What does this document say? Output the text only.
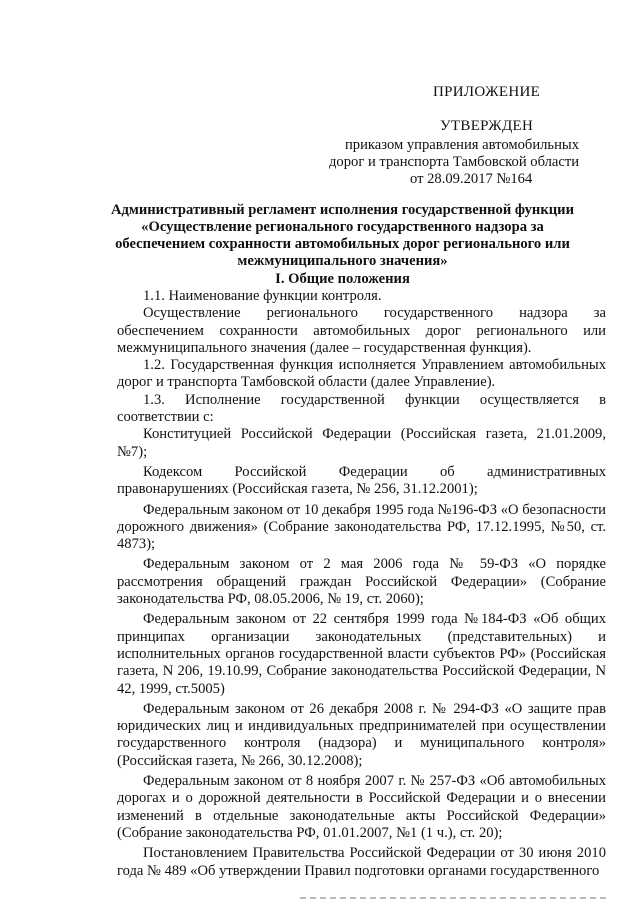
ПРИЛОЖЕНИЕ
УТВЕРЖДЕН
приказом управления автомобильных
дорог и транспорта Тамбовской области
от 28.09.2017 №164
Административный регламент исполнения государственной функции «Осуществление регионального государственного надзора за обеспечением сохранности автомобильных дорог регионального или межмуниципального значения»
I. Общие положения

1.1. Наименование функции контроля.

Осуществление регионального государственного надзора за обеспечением сохранности автомобильных дорог регионального или межмуниципального значения (далее – государственная функция).

1.2. Государственная функция исполняется Управлением автомобильных дорог и транспорта Тамбовской области (далее Управление).

1.3. Исполнение государственной функции осуществляется в соответствии с:

Конституцией Российской Федерации (Российская газета, 21.01.2009, №7);

Кодексом Российской Федерации об административных правонарушениях (Российская газета, № 256, 31.12.2001);

Федеральным законом от 10 декабря 1995 года №196-ФЗ «О безопасности дорожного движения» (Собрание законодательства РФ, 17.12.1995, №50, ст. 4873);

Федеральным законом от 2 мая 2006 года № 59-ФЗ «О порядке рассмотрения обращений граждан Российской Федерации» (Собрание законодательства РФ, 08.05.2006, № 19, ст. 2060);

Федеральным законом от 22 сентября 1999 года №184-ФЗ «Об общих принципах организации законодательных (представительных) и исполнительных органов государственной власти субъектов РФ» (Российская газета, N 206, 19.10.99, Собрание законодательства Российской Федерации, N 42, 1999, ст.5005)

Федеральным законом от 26 декабря 2008 г. № 294-ФЗ «О защите прав юридических лиц и индивидуальных предпринимателей при осуществлении государственного контроля (надзора) и муниципального контроля» (Российская газета, № 266, 30.12.2008);

Федеральным законом от 8 ноября 2007 г. № 257-ФЗ «Об автомобильных дорогах и о дорожной деятельности в Российской Федерации и о внесении изменений в отдельные законодательные акты Российской Федерации» (Собрание законодательства РФ, 01.01.2007, №1 (1 ч.), ст. 20);

Постановлением Правительства Российской Федерации от 30 июня 2010 года № 489 «Об утверждении Правил подготовки органами государственного
